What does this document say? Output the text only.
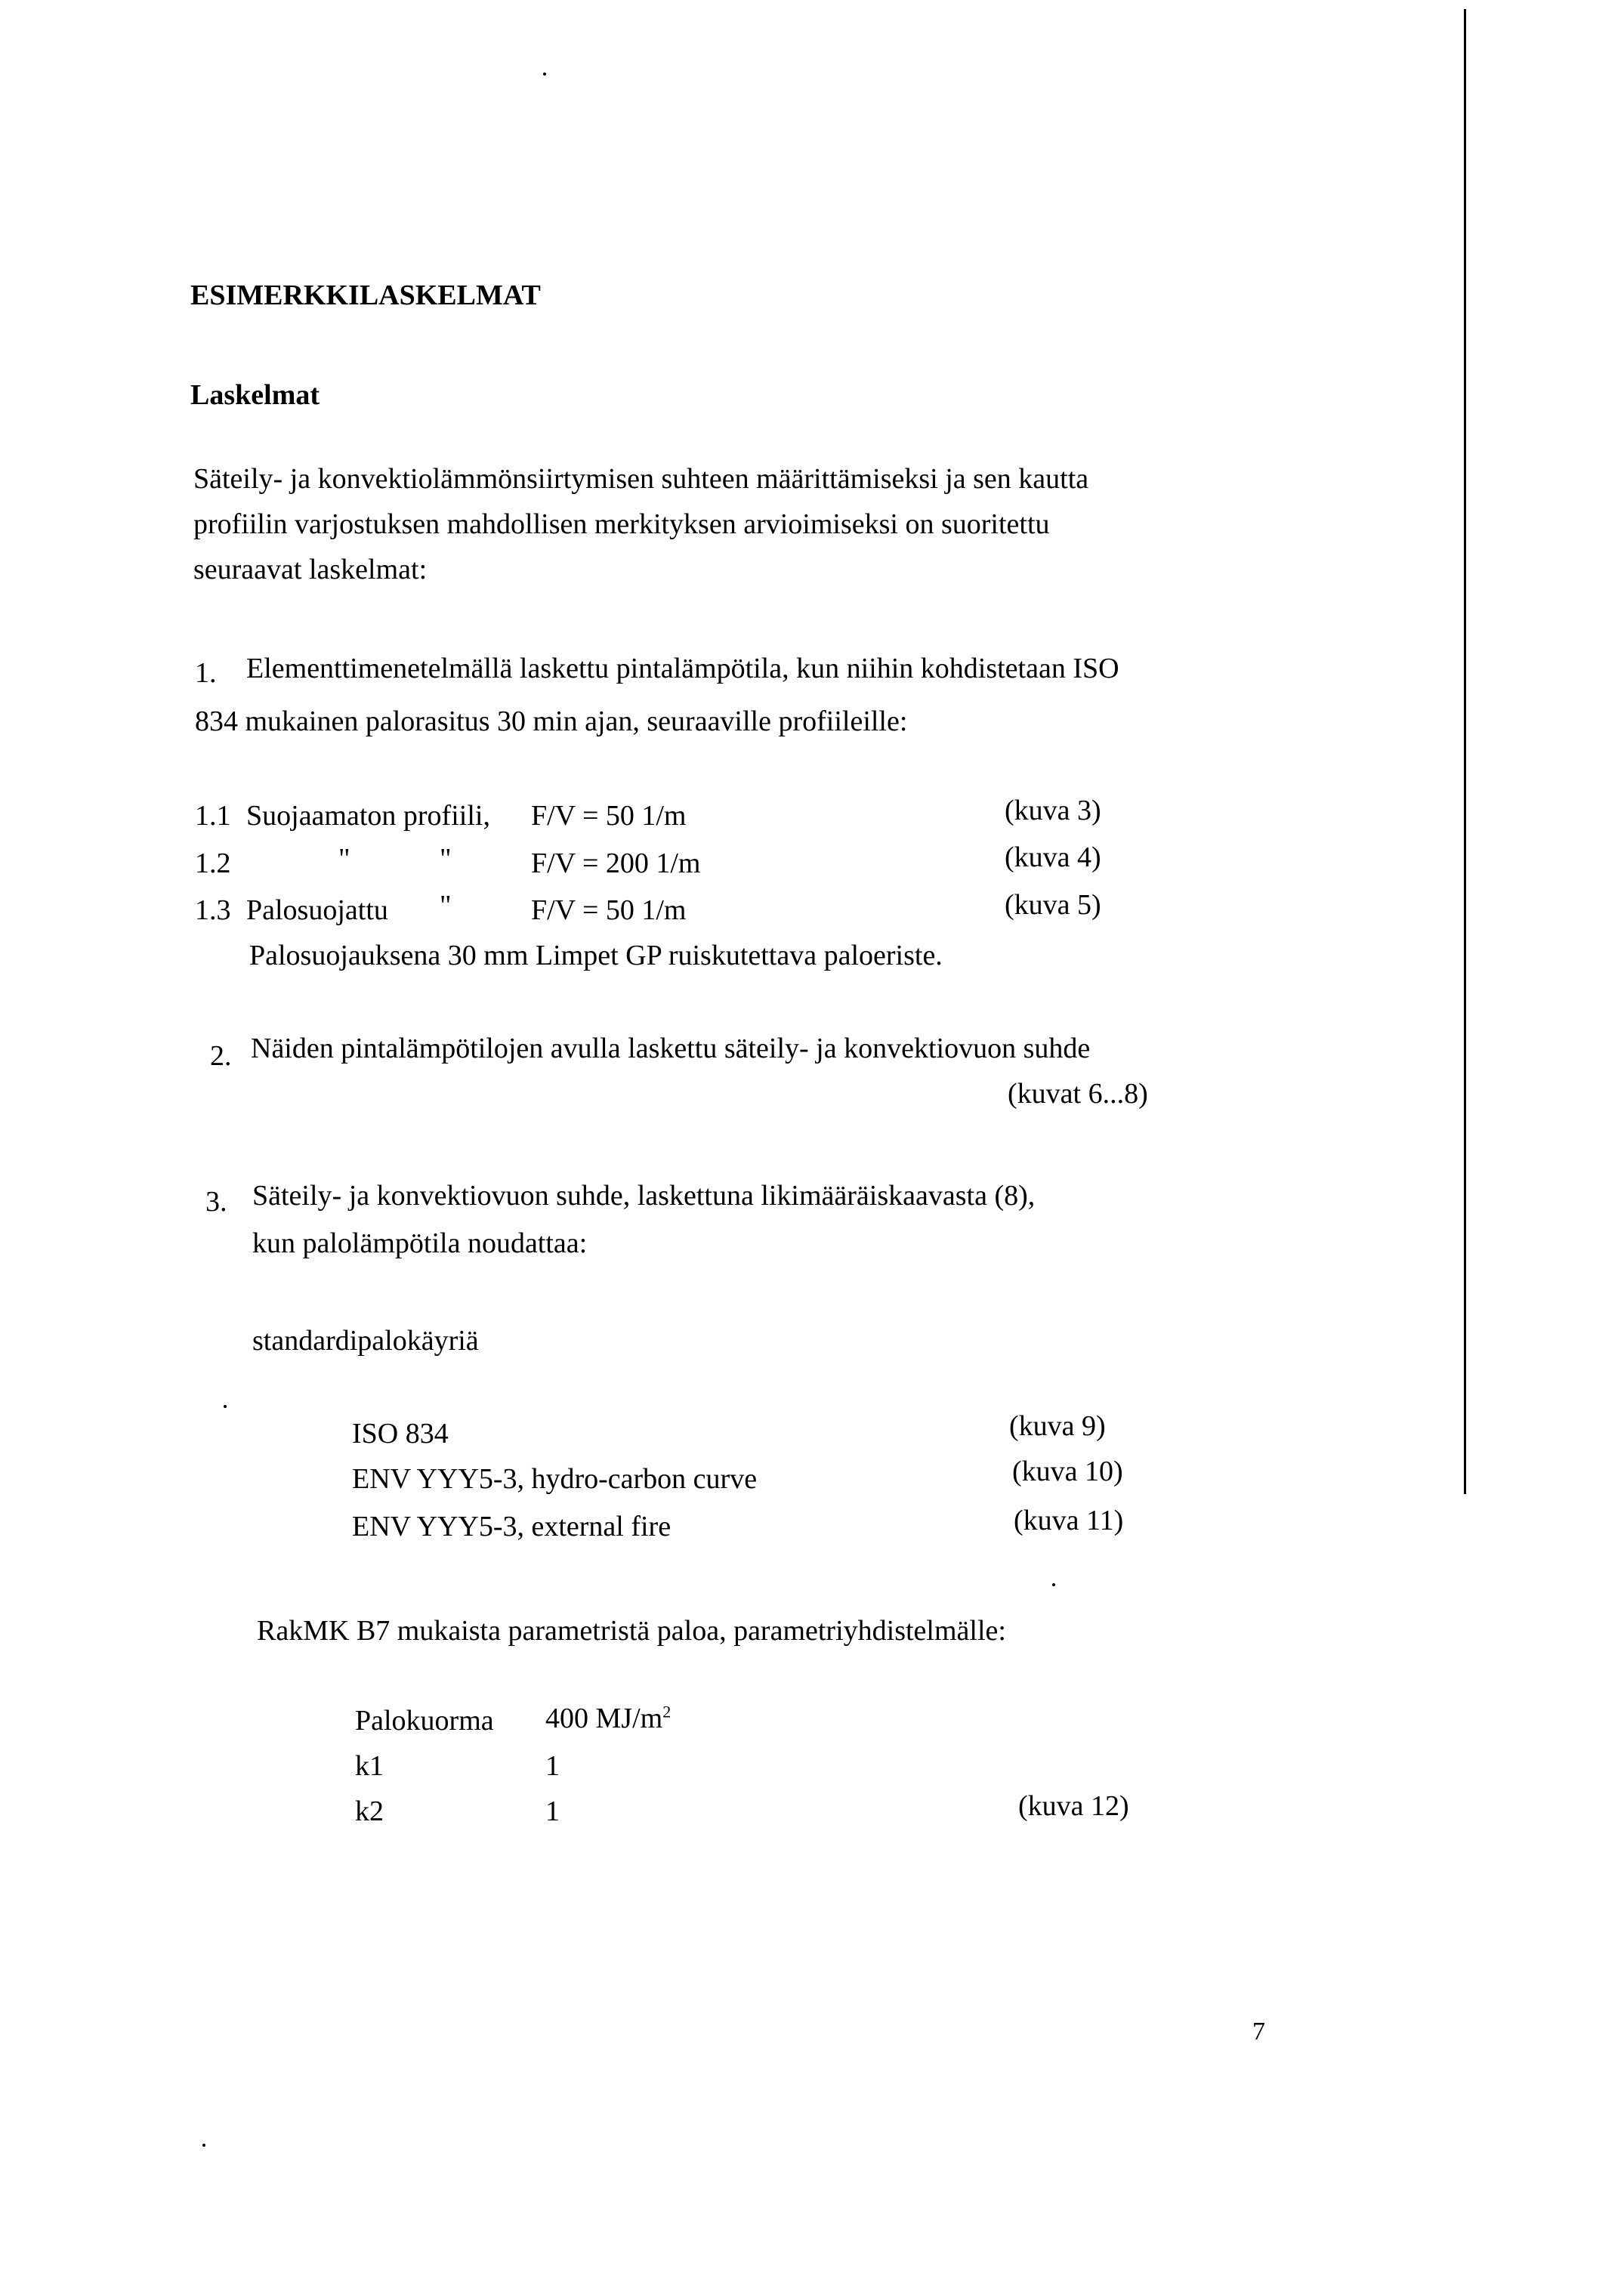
ESIMERKKILASKELMAT
Laskelmat
Säteily- ja konvektiolämmönsiirtymisen suhteen määrittämiseksi ja sen kautta
profiilin varjostuksen mahdollisen merkityksen arvioimiseksi on suoritettu
seuraavat laskelmat:
1. Elementtimenetelmällä laskettu pintalämpötila, kun niihin kohdistetaan ISO
834 mukainen palorasitus 30 min ajan, seuraaville profiileille:
1.1 Suojaamaton profiili, F/V = 50 1/m	(kuva 3)
1.2	"	"	F/V = 200 1/m	(kuva 4)
1.3 Palosuojattu "	F/V = 50 1/m	(kuva 5)
Palosuojauksena 30 mm Limpet GP ruiskutettava paloeriste.
2. Näiden pintalämpötilojen avulla laskettu säteily- ja konvektiovuon suhde
(kuvat 6...8)
3. Säteily- ja konvektiovuon suhde, laskettuna likimääräiskaavasta (8),
kun palolämpötila noudattaa:
standardipalokäyriä
ISO 834	(kuva 9)
ENV YYY5-3, hydro-carbon curve	(kuva 10)
ENV YYY5-3, external fire	(kuva 11)
RakMK B7 mukaista parametristä paloa, parametriyhdistelmälle:
Palokuorma 400 $MJ/m^2$
k1	1
k2	1	(kuva 12)
7
